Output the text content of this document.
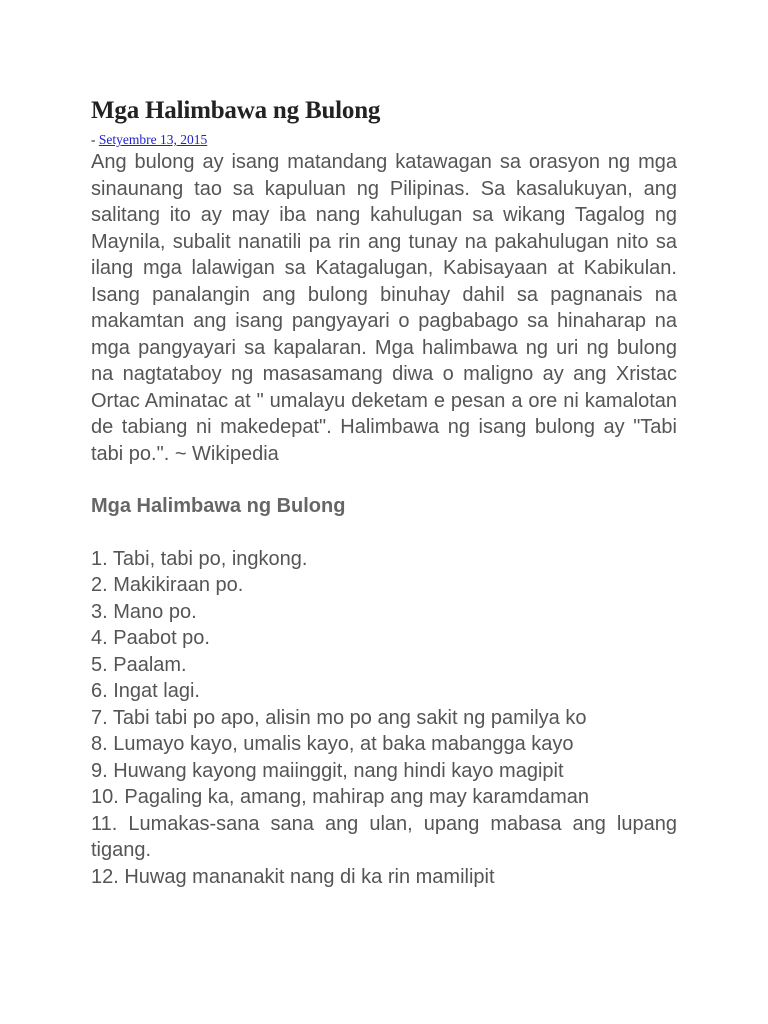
Mga Halimbawa ng Bulong
- Setyembre 13, 2015

Ang bulong ay isang matandang katawagan sa orasyon ng mga sinaunang tao sa kapuluan ng Pilipinas. Sa kasalukuyan, ang salitang ito ay may iba nang kahulugan sa wikang Tagalog ng Maynila, subalit nanatili pa rin ang tunay na pakahulugan nito sa ilang mga lalawigan sa Katagalugan, Kabisayaan at Kabikulan. Isang panalangin ang bulong binuhay dahil sa pagnanais na makamtan ang isang pangyayari o pagbabago sa hinaharap na mga pangyayari sa kapalaran. Mga halimbawa ng uri ng bulong na nagtataboy ng masasamang diwa o maligno ay ang Xristac Ortac Aminatac at " umalayu deketam e pesan a ore ni kamalotan de tabiang ni makedepat". Halimbawa ng isang bulong ay "Tabi tabi po.". ~ Wikipedia

Mga Halimbawa ng Bulong

1. Tabi, tabi po, ingkong.
2. Makikiraan po.
3. Mano po.
4. Paabot po.
5. Paalam.
6. Ingat lagi.
7. Tabi tabi po apo, alisin mo po ang sakit ng pamilya ko
8. Lumayo kayo, umalis kayo, at baka mabangga kayo
9. Huwang kayong maiinggit, nang hindi kayo magipit
10. Pagaling ka, amang, mahirap ang may karamdaman
11. Lumakas-sana sana ang ulan, upang mabasa ang lupang tigang.
12. Huwag mananakit nang di ka rin mamilipit
